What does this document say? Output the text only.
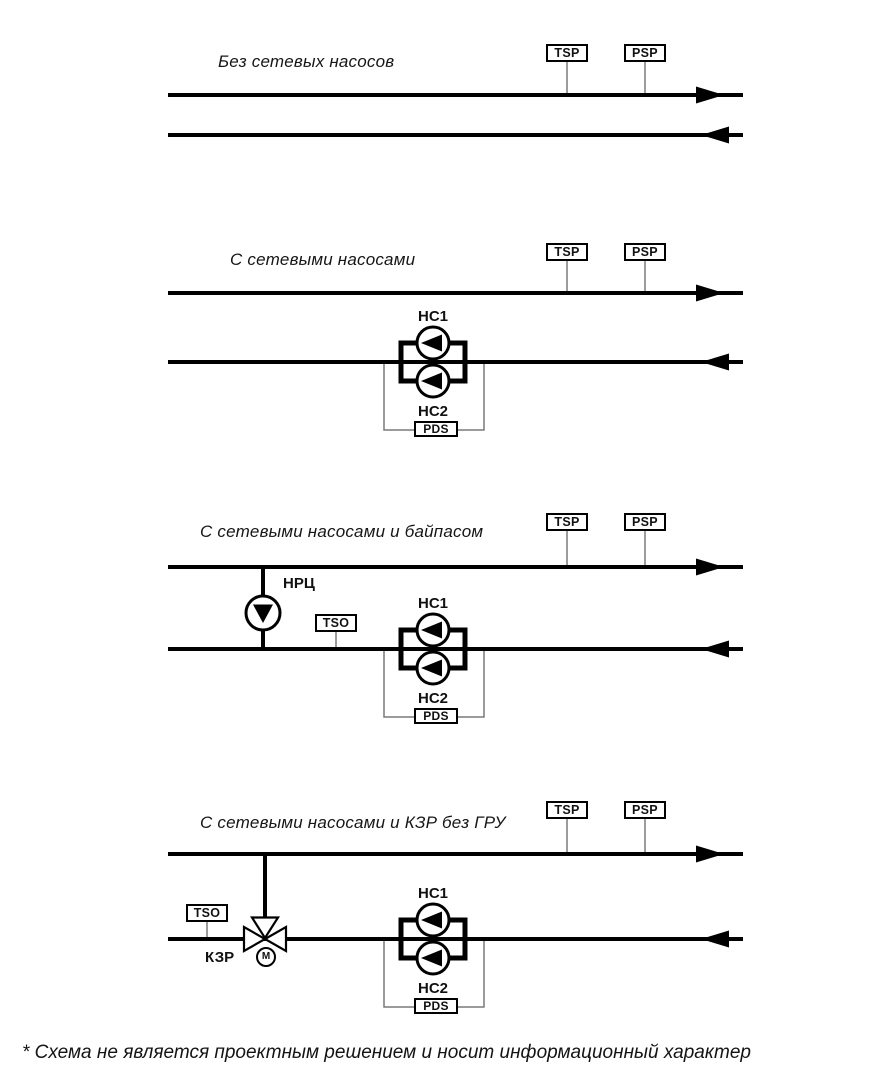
Без сетевых насосов
С сетевыми насосами
С сетевыми насосами и байпасом
С сетевыми насосами и КЗР без ГРУ
TSP	PSP
TSP	PSP
PDS
TSP	PSP
TSO
PDS
TSP	PSP
TSO
PDS
НС1
НС2
НРЦ
НС1
НС2
КЗР	М
НС1
НС2
* Схема не является проектным решением и носит информационный характер
